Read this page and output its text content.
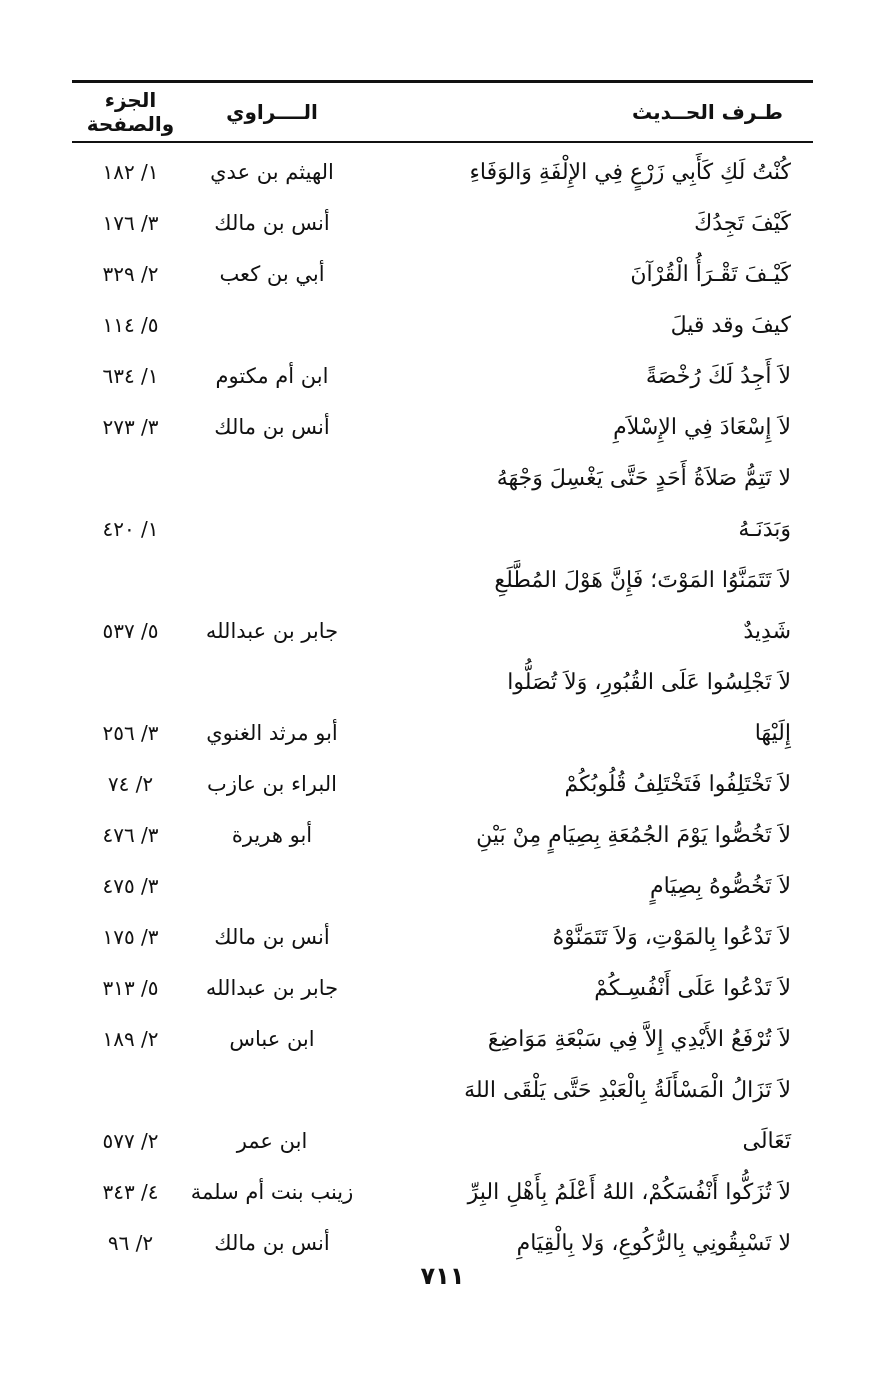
طـرف الحــديث
الــــراوي
الجزء والصفحة
كُنْتُ لَكِ كَأَبِي زَرْعٍ فِي الإِلْفَةِ وَالوَفَاءِ
الهيثم بن عدي
١/ ١٨٢
كَيْفَ تَجِدُكَ
أنس بن مالك
٣/ ١٧٦
كَيْـفَ تَقْـرَأُ الْقُرْآنَ
أبي بن كعب
٢/ ٣٢٩
كيفَ وقد قيلَ
٥/ ١١٤
لاَ أَجِدُ لَكَ رُخْصَةً
ابن أم مكتوم
١/ ٦٣٤
لاَ إِسْعَادَ فِي الإِسْلاَمِ
أنس بن مالك
٣/ ٢٧٣
لا تَتِمُّ صَلاَةُ أَحَدٍ حَتَّى يَغْسِلَ وَجْهَهُ
وَبَدَنَـهُ
١/ ٤٢٠
لاَ تَتَمَنَّوُا المَوْتَ؛ فَإِنَّ هَوْلَ المُطَّلَعِ
شَدِيدٌ
جابر بن عبدالله
٥/ ٥٣٧
لاَ تَجْلِسُوا عَلَى القُبُورِ، وَلاَ تُصَلُّوا
إِلَيْهَا
أبو مرثد الغنوي
٣/ ٢٥٦
لاَ تَخْتَلِفُوا فَتَخْتَلِفُ قُلُوبُكُمْ
البراء بن عازب
٢/ ٧٤
لاَ تَخُصُّوا يَوْمَ الجُمُعَةِ بِصِيَامٍ مِنْ بَيْنِ
أبو هريرة
٣/ ٤٧٦
لاَ تَخُصُّوهُ بِصِيَامٍ
٣/ ٤٧٥
لاَ تَدْعُوا بِالمَوْتِ، وَلاَ تَتَمَنَّوْهُ
أنس بن مالك
٣/ ١٧٥
لاَ تَدْعُوا عَلَى أَنْفُسِـكُمْ
جابر بن عبدالله
٥/ ٣١٣
لاَ تُرْفَعُ الأَيْدِي إِلاَّ فِي سَبْعَةِ مَوَاضِعَ
ابن عباس
٢/ ١٨٩
لاَ تَزَالُ الْمَسْأَلَةُ بِالْعَبْدِ حَتَّى يَلْقَى اللهَ
تَعَالَى
ابن عمر
٢/ ٥٧٧
لاَ تُزَكُّوا أَنْفُسَكُمْ، اللهُ أَعْلَمُ بِأَهْلِ البِرِّ
زينب بنت أم سلمة
٤/ ٣٤٣
لا تَسْبِقُونِي بِالرُّكُوعِ، وَلا بِالْقِيَامِ
أنس بن مالك
٢/ ٩٦
٧١١
